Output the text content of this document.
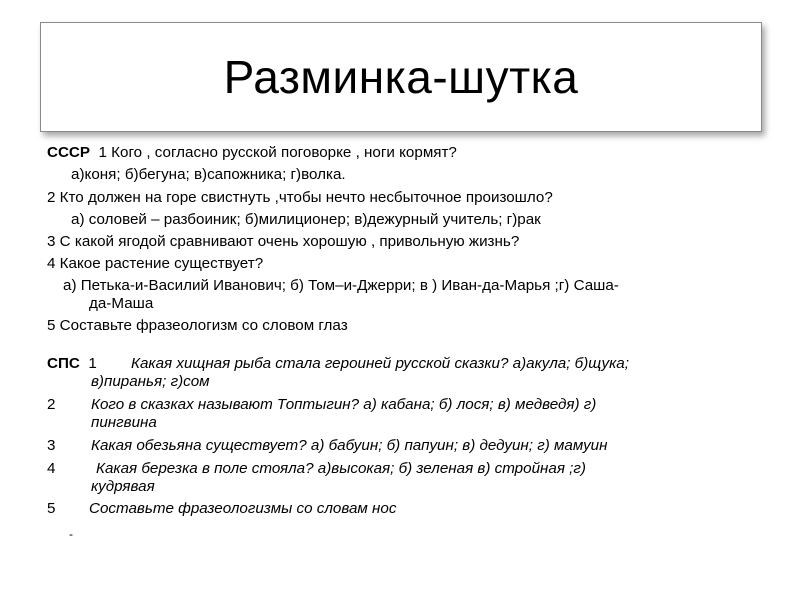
Разминка-шутка
СССР 1 Кого , согласно русской поговорке , ноги кормят?
а)коня; б)бегуна; в)сапожника; г)волка.
2 Кто должен на горе свистнуть ,чтобы нечто несбыточное произошло?
а) соловей – разбоиник; б)милиционер; в)дежурный учитель; г)рак
3 С какой ягодой сравнивают очень хорошую , привольную жизнь?
4 Какое растение существует?
а) Петька-и-Василий Иванович; б) Том–и-Джерри; в ) Иван-да-Марья ;г) Саша-
да-Маша
5 Составьте фразеологизм со словом глаз
СПС 1 Какая хищная рыба стала героиней русской сказки? а)акула; б)щука;
в)пиранья; г)сом
2 Кого в сказках называют Топтыгин? а) кабана; б) лося; в) медведя) г)
пингвина
3 Какая обезьяна существует? а) бабуин; б) папуин; в) дедуин; г) мамуин
4	Какая березка в поле стояла? а)высокая; б) зеленая в) стройная ;г)
кудрявая
5 Составьте фразеологизмы со словам нос
-
